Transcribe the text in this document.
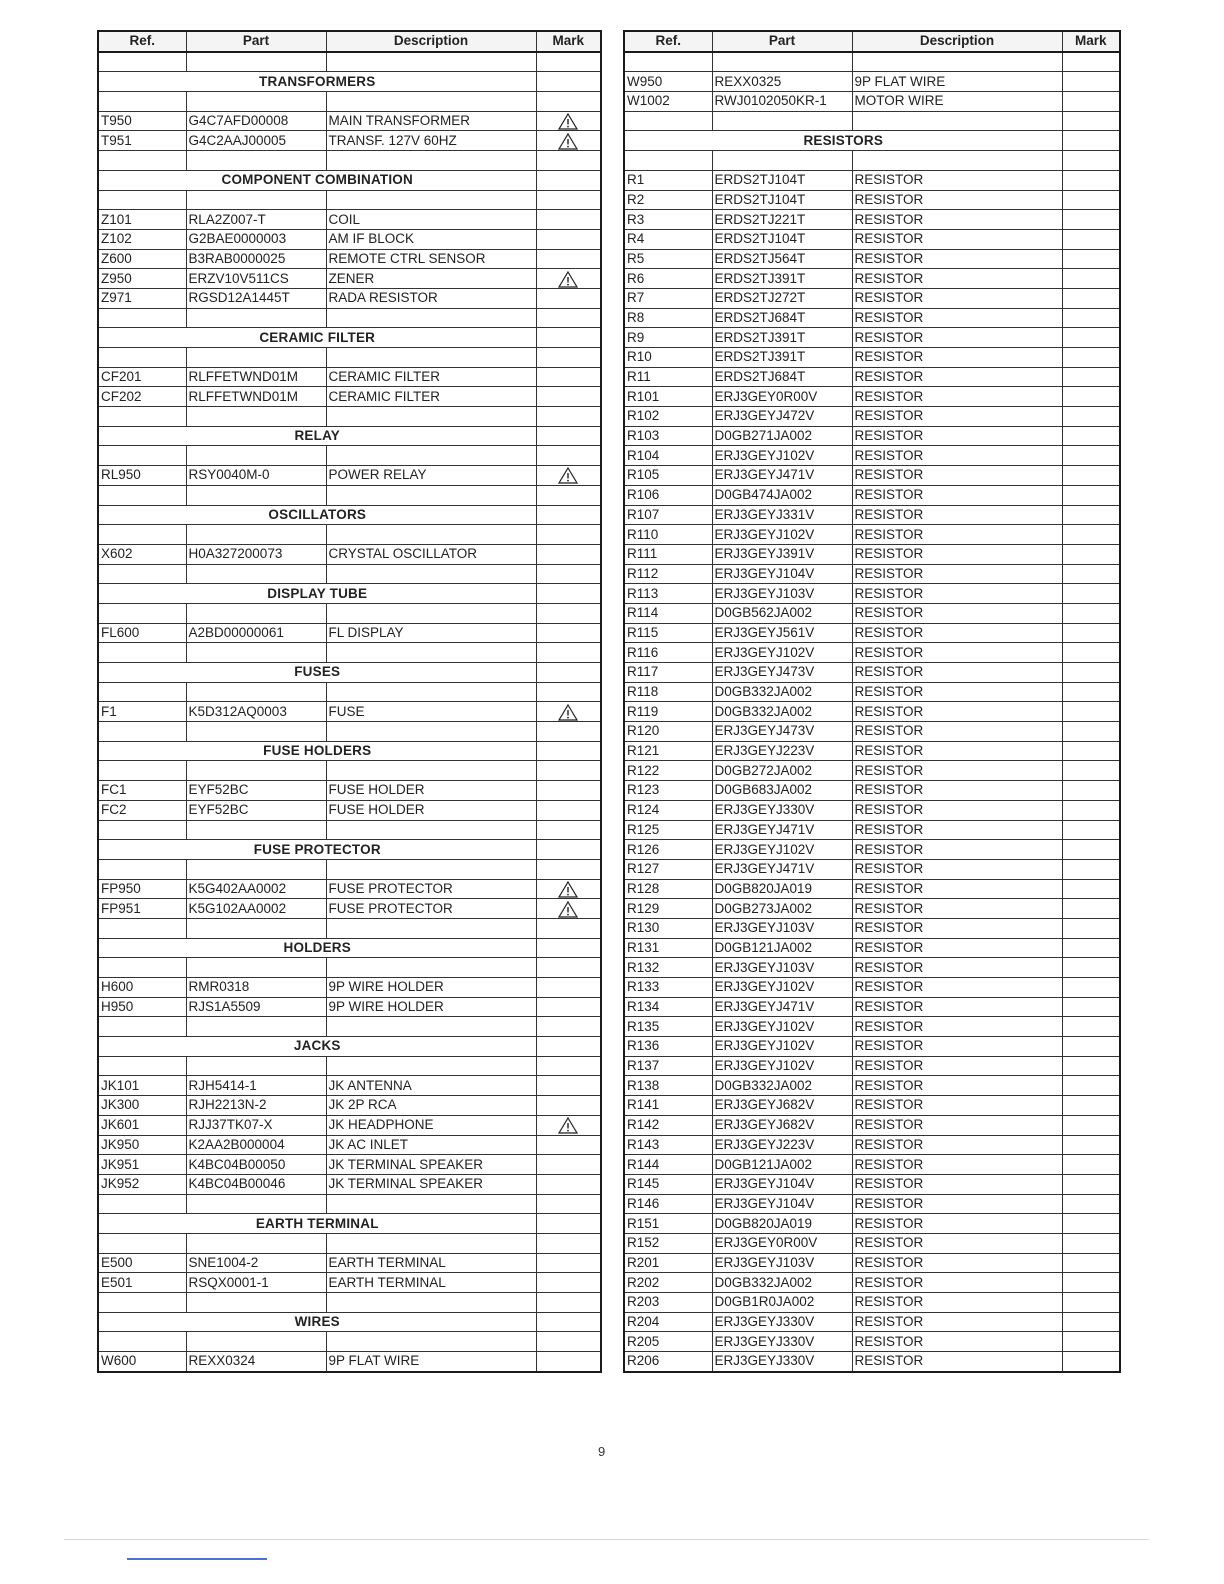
Ref.	Part	Description	Mark

TRANSFORMERS			

T950	G4C7AFD00008	MAIN TRANSFORMER	
T951	G4C2AAJ00005	TRANSF. 127V 60HZ	

COMPONENT COMBINATION			

Z101	RLA2Z007-T	COIL	
Z102	G2BAE0000003	AM IF BLOCK	
Z600	B3RAB0000025	REMOTE CTRL SENSOR	
Z950	ERZV10V511CS	ZENER	
Z971	RGSD12A1445T	RADA RESISTOR	

CERAMIC FILTER			

CF201	RLFFETWND01M	CERAMIC FILTER	
CF202	RLFFETWND01M	CERAMIC FILTER	

RELAY			

RL950	RSY0040M-0	POWER RELAY	

OSCILLATORS			

X602	H0A327200073	CRYSTAL OSCILLATOR	

DISPLAY TUBE			

FL600	A2BD00000061	FL DISPLAY	

FUSES			

F1	K5D312AQ0003	FUSE	

FUSE HOLDERS			

FC1	EYF52BC	FUSE HOLDER	
FC2	EYF52BC	FUSE HOLDER	

FUSE PROTECTOR			

FP950	K5G402AA0002	FUSE PROTECTOR	
FP951	K5G102AA0002	FUSE PROTECTOR	

HOLDERS			

H600	RMR0318	9P WIRE HOLDER	
H950	RJS1A5509	9P WIRE HOLDER	

JACKS			

JK101	RJH5414-1	JK ANTENNA	
JK300	RJH2213N-2	JK 2P RCA	
JK601	RJJ37TK07-X	JK HEADPHONE	
JK950	K2AA2B000004	JK AC INLET	
JK951	K4BC04B00050	JK TERMINAL SPEAKER	
JK952	K4BC04B00046	JK TERMINAL SPEAKER	

EARTH TERMINAL			

E500	SNE1004-2	EARTH TERMINAL	
E501	RSQX0001-1	EARTH TERMINAL	

WIRES			

W600	REXX0324	9P FLAT WIRE	
Ref.	Part	Description	Mark

W950	REXX0325	9P FLAT WIRE	
W1002	RWJ0102050KR-1	MOTOR WIRE	

RESISTORS			

R1	ERDS2TJ104T	RESISTOR	
R2	ERDS2TJ104T	RESISTOR	
R3	ERDS2TJ221T	RESISTOR	
R4	ERDS2TJ104T	RESISTOR	
R5	ERDS2TJ564T	RESISTOR	
R6	ERDS2TJ391T	RESISTOR	
R7	ERDS2TJ272T	RESISTOR	
R8	ERDS2TJ684T	RESISTOR	
R9	ERDS2TJ391T	RESISTOR	
R10	ERDS2TJ391T	RESISTOR	
R11	ERDS2TJ684T	RESISTOR	
R101	ERJ3GEY0R00V	RESISTOR	
R102	ERJ3GEYJ472V	RESISTOR	
R103	D0GB271JA002	RESISTOR	
R104	ERJ3GEYJ102V	RESISTOR	
R105	ERJ3GEYJ471V	RESISTOR	
R106	D0GB474JA002	RESISTOR	
R107	ERJ3GEYJ331V	RESISTOR	
R110	ERJ3GEYJ102V	RESISTOR	
R111	ERJ3GEYJ391V	RESISTOR	
R112	ERJ3GEYJ104V	RESISTOR	
R113	ERJ3GEYJ103V	RESISTOR	
R114	D0GB562JA002	RESISTOR	
R115	ERJ3GEYJ561V	RESISTOR	
R116	ERJ3GEYJ102V	RESISTOR	
R117	ERJ3GEYJ473V	RESISTOR	
R118	D0GB332JA002	RESISTOR	
R119	D0GB332JA002	RESISTOR	
R120	ERJ3GEYJ473V	RESISTOR	
R121	ERJ3GEYJ223V	RESISTOR	
R122	D0GB272JA002	RESISTOR	
R123	D0GB683JA002	RESISTOR	
R124	ERJ3GEYJ330V	RESISTOR	
R125	ERJ3GEYJ471V	RESISTOR	
R126	ERJ3GEYJ102V	RESISTOR	
R127	ERJ3GEYJ471V	RESISTOR	
R128	D0GB820JA019	RESISTOR	
R129	D0GB273JA002	RESISTOR	
R130	ERJ3GEYJ103V	RESISTOR	
R131	D0GB121JA002	RESISTOR	
R132	ERJ3GEYJ103V	RESISTOR	
R133	ERJ3GEYJ102V	RESISTOR	
R134	ERJ3GEYJ471V	RESISTOR	
R135	ERJ3GEYJ102V	RESISTOR	
R136	ERJ3GEYJ102V	RESISTOR	
R137	ERJ3GEYJ102V	RESISTOR	
R138	D0GB332JA002	RESISTOR	
R141	ERJ3GEYJ682V	RESISTOR	
R142	ERJ3GEYJ682V	RESISTOR	
R143	ERJ3GEYJ223V	RESISTOR	
R144	D0GB121JA002	RESISTOR	
R145	ERJ3GEYJ104V	RESISTOR	
R146	ERJ3GEYJ104V	RESISTOR	
R151	D0GB820JA019	RESISTOR	
R152	ERJ3GEY0R00V	RESISTOR	
R201	ERJ3GEYJ103V	RESISTOR	
R202	D0GB332JA002	RESISTOR	
R203	D0GB1R0JA002	RESISTOR	
R204	ERJ3GEYJ330V	RESISTOR	
R205	ERJ3GEYJ330V	RESISTOR	
R206	ERJ3GEYJ330V	RESISTOR	
9
